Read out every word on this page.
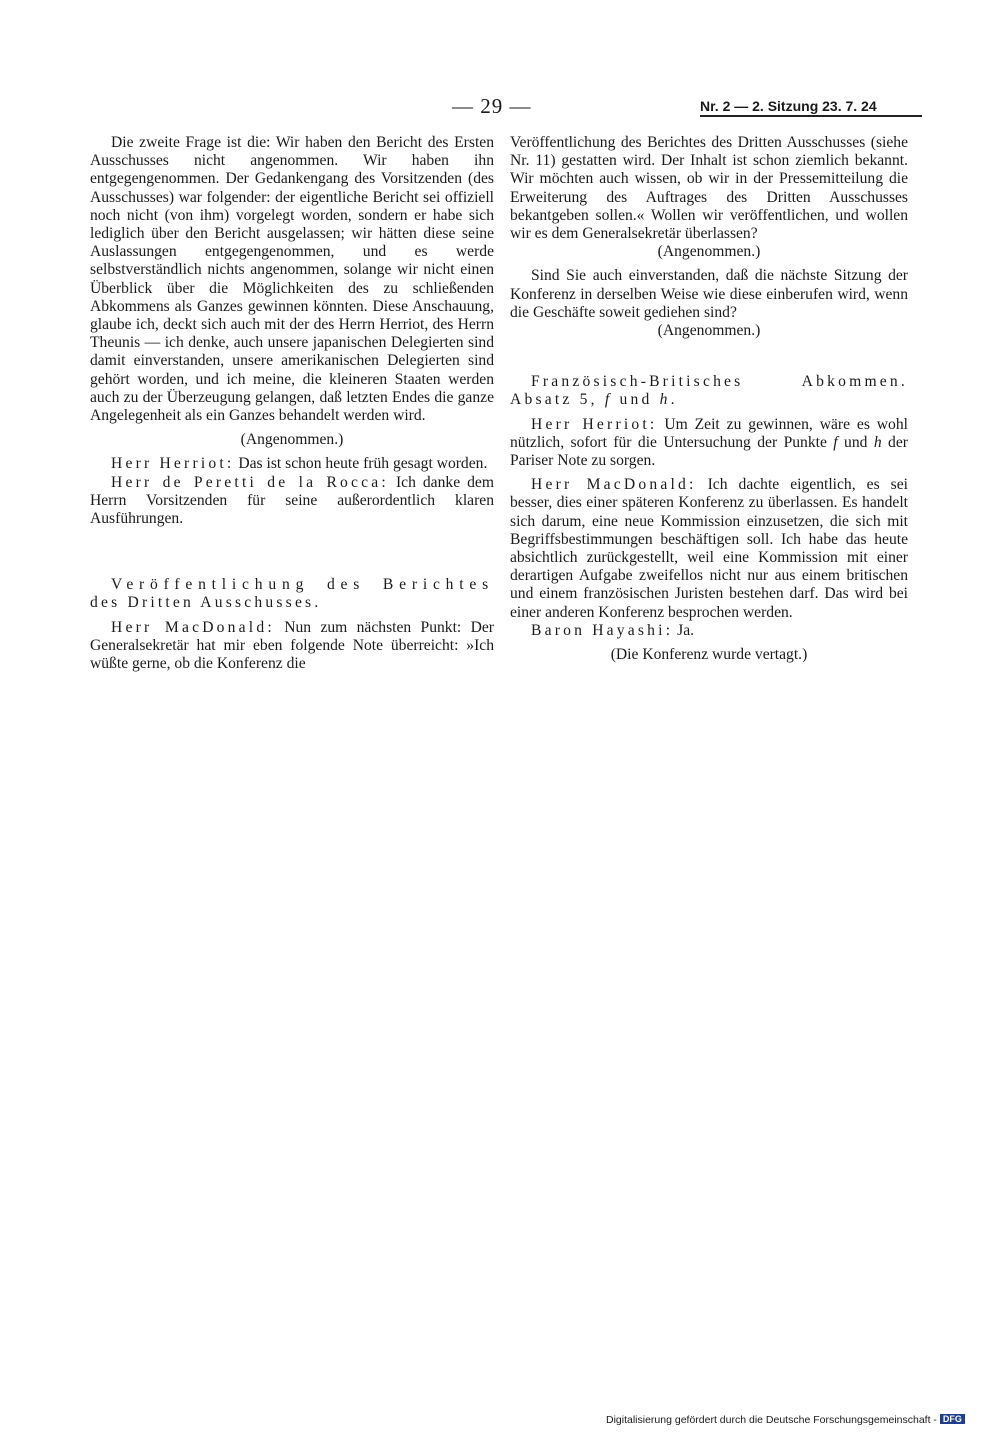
— 29 —	Nr. 2 — 2. Sitzung 23. 7. 24

Die zweite Frage ist die: Wir haben den Bericht des Ersten Ausschusses nicht angenommen. Wir haben ihn entgegengenommen. Der Gedankengang des Vorsitzenden (des Ausschusses) war folgender: der eigentliche Bericht sei offiziell noch nicht (von ihm) vorgelegt worden, sondern er habe sich lediglich über den Bericht ausgelassen; wir hätten diese seine Auslassungen entgegengenommen, und es werde selbstverständlich nichts angenommen, solange wir nicht einen Überblick über die Möglichkeiten des zu schließenden Abkommens als Ganzes gewinnen könnten. Diese Anschauung, glaube ich, deckt sich auch mit der des Herrn Herriot, des Herrn Theunis — ich denke, auch unsere japanischen Delegierten sind damit einverstanden, unsere amerikanischen Delegierten sind gehört worden, und ich meine, die kleineren Staaten werden auch zu der Überzeugung gelangen, daß letzten Endes die ganze Angelegenheit als ein Ganzes behandelt werden wird.

(Angenommen.)

Herr Herriot: Das ist schon heute früh gesagt worden.

Herr de Peretti de la Rocca: Ich danke dem Herrn Vorsitzenden für seine außerordentlich klaren Ausführungen.

Veröffentlichung des Berichtes des Dritten Ausschusses.

Herr MacDonald: Nun zum nächsten Punkt: Der Generalsekretär hat mir eben folgende Note überreicht: »Ich wüßte gerne, ob die Konferenz die

Veröffentlichung des Berichtes des Dritten Ausschusses (siehe Nr. 11) gestatten wird. Der Inhalt ist schon ziemlich bekannt. Wir möchten auch wissen, ob wir in der Pressemitteilung die Erweiterung des Auftrages des Dritten Ausschusses bekantgeben sollen.« Wollen wir veröffentlichen, und wollen wir es dem Generalsekretär überlassen?

(Angenommen.)

Sind Sie auch einverstanden, daß die nächste Sitzung der Konferenz in derselben Weise wie diese einberufen wird, wenn die Geschäfte soweit gediehen sind?

(Angenommen.)

Französisch-Britisches Abkommen. Absatz 5, f und h.

Herr Herriot: Um Zeit zu gewinnen, wäre es wohl nützlich, sofort für die Untersuchung der Punkte f und h der Pariser Note zu sorgen.

Herr MacDonald: Ich dachte eigentlich, es sei besser, dies einer späteren Konferenz zu überlassen. Es handelt sich darum, eine neue Kommission einzusetzen, die sich mit Begriffsbestimmungen beschäftigen soll. Ich habe das heute absichtlich zurückgestellt, weil eine Kommission mit einer derartigen Aufgabe zweifellos nicht nur aus einem britischen und einem französischen Juristen bestehen darf. Das wird bei einer anderen Konferenz besprochen werden.

Baron Hayashi: Ja.

(Die Konferenz wurde vertagt.)

Digitalisierung gefördert durch die Deutsche Forschungsgemeinschaft - DFG
